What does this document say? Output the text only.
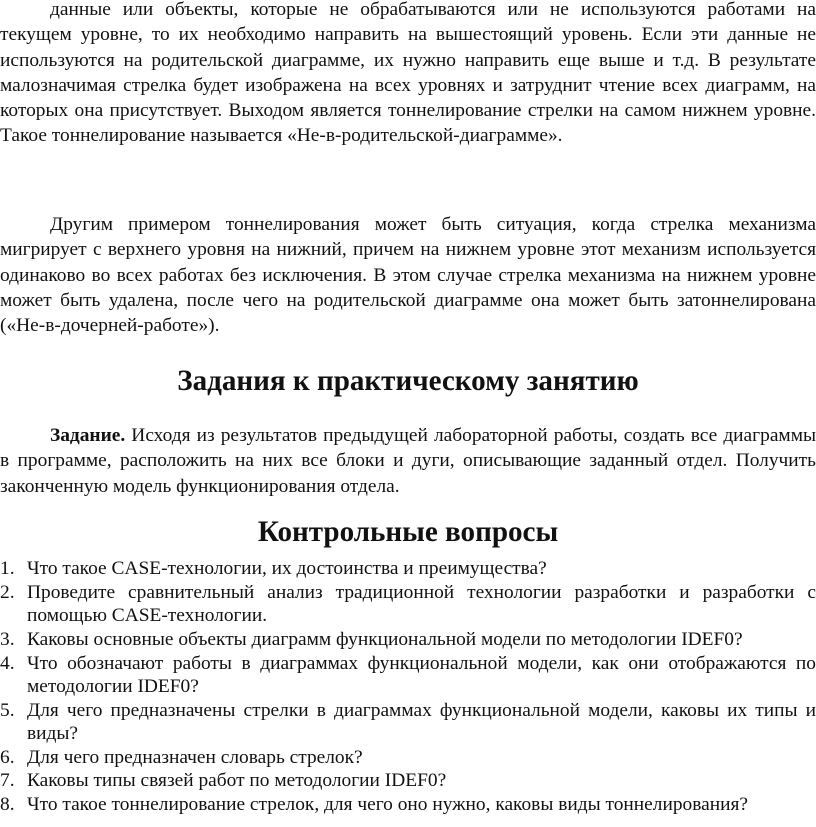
данные или объекты, которые не обрабатываются или не используются работами на текущем уровне, то их необходимо направить на вышестоящий уровень. Если эти данные не используются на родительской диаграмме, их нужно направить еще выше и т.д. В результате малозначимая стрелка будет изображена на всех уровнях и затруднит чтение всех диаграмм, на которых она присутствует. Выходом является тоннелирование стрелки на самом нижнем уровне. Такое тоннелирование называется «Не-в-родительской-диаграмме».

Другим примером тоннелирования может быть ситуация, когда стрелка механизма мигрирует с верхнего уровня на нижний, причем на нижнем уровне этот механизм используется одинаково во всех работах без исключения. В этом случае стрелка механизма на нижнем уровне может быть удалена, после чего на родительской диаграмме она может быть затоннелирована («Не-в-дочерней-работе»).

Задания к практическому занятию

Задание. Исходя из результатов предыдущей лабораторной работы, создать все диаграммы в программе, расположить на них все блоки и дуги, описывающие заданный отдел. Получить законченную модель функционирования отдела.

Контрольные вопросы
1. Что такое CASE-технологии, их достоинства и преимущества?
2. Проведите сравнительный анализ традиционной технологии разработки и разработки с помощью CASE-технологии.
3. Каковы основные объекты диаграмм функциональной модели по методологии IDEF0?
4. Что обозначают работы в диаграммах функциональной модели, как они отображаются по методологии IDEF0?
5. Для чего предназначены стрелки в диаграммах функциональной модели, каковы их типы и виды?
6. Для чего предназначен словарь стрелок?
7. Каковы типы связей работ по методологии IDEF0?
8. Что такое тоннелирование стрелок, для чего оно нужно, каковы виды тоннелирования?
